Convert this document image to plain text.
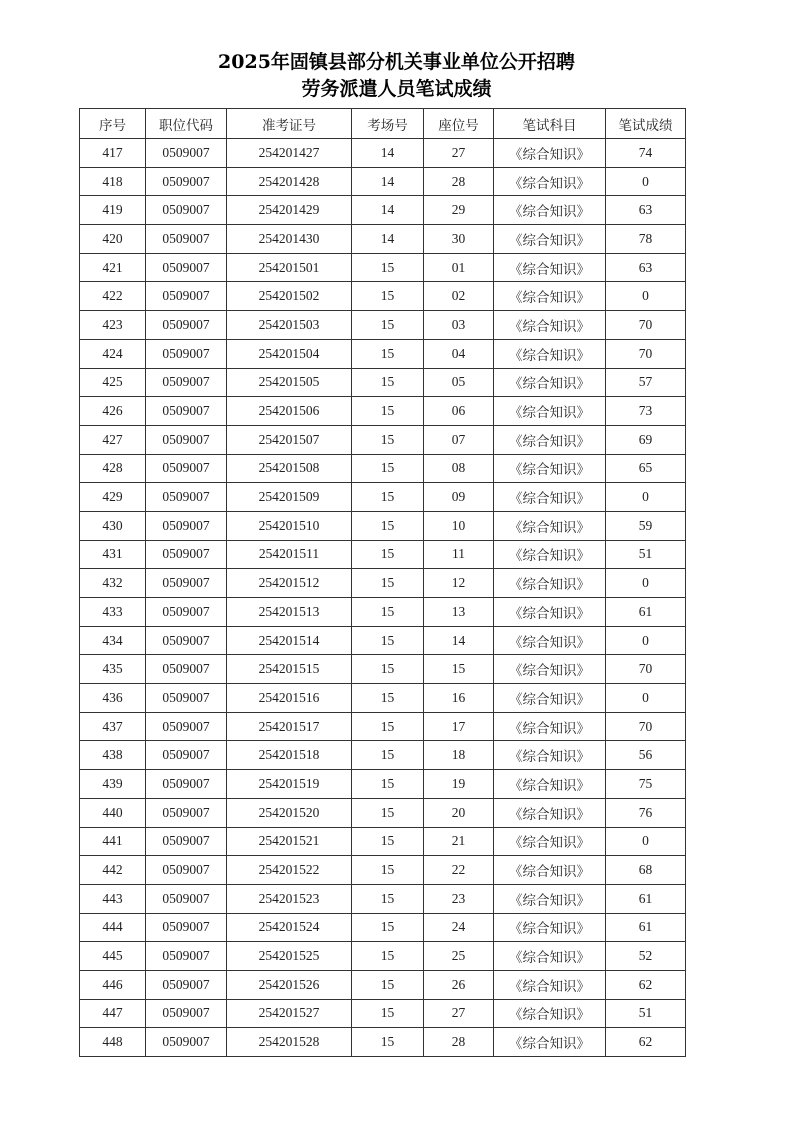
2025年固镇县部分机关事业单位公开招聘
劳务派遣人员笔试成绩
序号	职位代码	准考证号	考场号	座位号	笔试科目	笔试成绩
417	0509007	254201427	14	27	《综合知识》	74
418	0509007	254201428	14	28	《综合知识》	0
419	0509007	254201429	14	29	《综合知识》	63
420	0509007	254201430	14	30	《综合知识》	78
421	0509007	254201501	15	01	《综合知识》	63
422	0509007	254201502	15	02	《综合知识》	0
423	0509007	254201503	15	03	《综合知识》	70
424	0509007	254201504	15	04	《综合知识》	70
425	0509007	254201505	15	05	《综合知识》	57
426	0509007	254201506	15	06	《综合知识》	73
427	0509007	254201507	15	07	《综合知识》	69
428	0509007	254201508	15	08	《综合知识》	65
429	0509007	254201509	15	09	《综合知识》	0
430	0509007	254201510	15	10	《综合知识》	59
431	0509007	254201511	15	11	《综合知识》	51
432	0509007	254201512	15	12	《综合知识》	0
433	0509007	254201513	15	13	《综合知识》	61
434	0509007	254201514	15	14	《综合知识》	0
435	0509007	254201515	15	15	《综合知识》	70
436	0509007	254201516	15	16	《综合知识》	0
437	0509007	254201517	15	17	《综合知识》	70
438	0509007	254201518	15	18	《综合知识》	56
439	0509007	254201519	15	19	《综合知识》	75
440	0509007	254201520	15	20	《综合知识》	76
441	0509007	254201521	15	21	《综合知识》	0
442	0509007	254201522	15	22	《综合知识》	68
443	0509007	254201523	15	23	《综合知识》	61
444	0509007	254201524	15	24	《综合知识》	61
445	0509007	254201525	15	25	《综合知识》	52
446	0509007	254201526	15	26	《综合知识》	62
447	0509007	254201527	15	27	《综合知识》	51
448	0509007	254201528	15	28	《综合知识》	62
